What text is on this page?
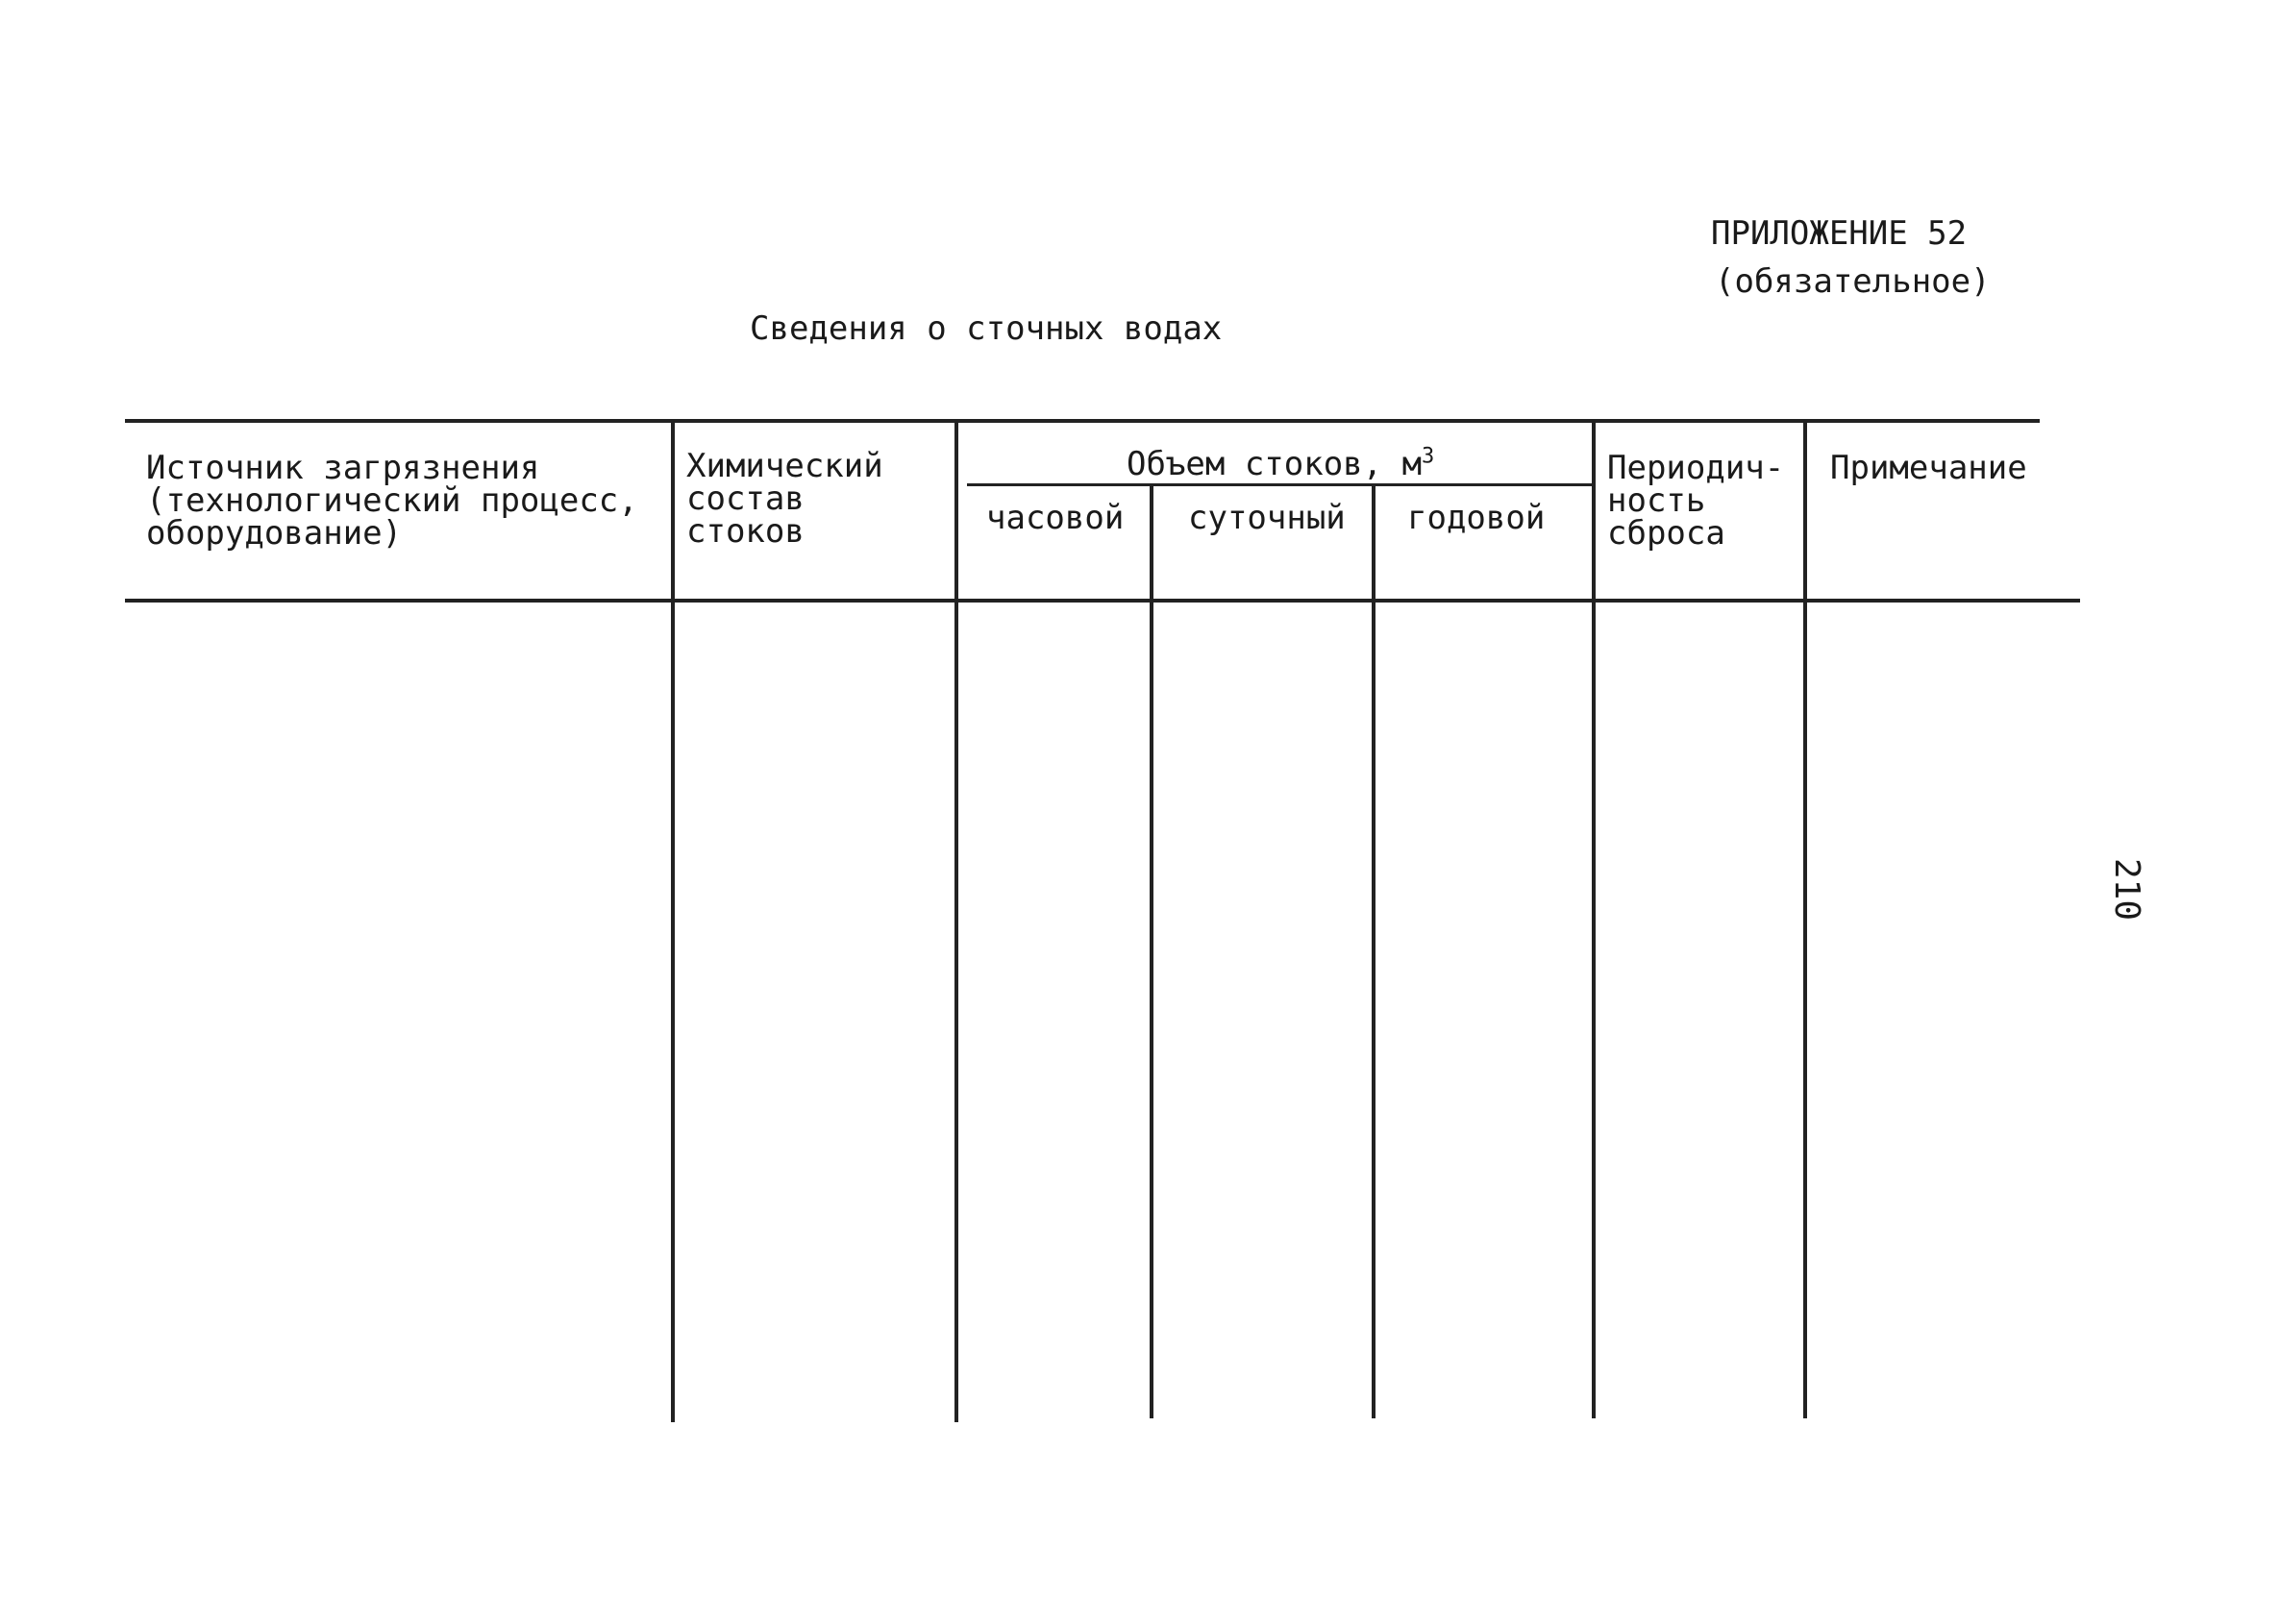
ПРИЛОЖЕНИЕ 52
(обязательное)
Сведения о сточных водах
210
Источник загрязнения
(технологический процесс,
оборудование)
Химический
состав
стоков
Объем стоков, $м^3$
часовой суточный годовой
Периодич-
ность
сброса
Примечание
